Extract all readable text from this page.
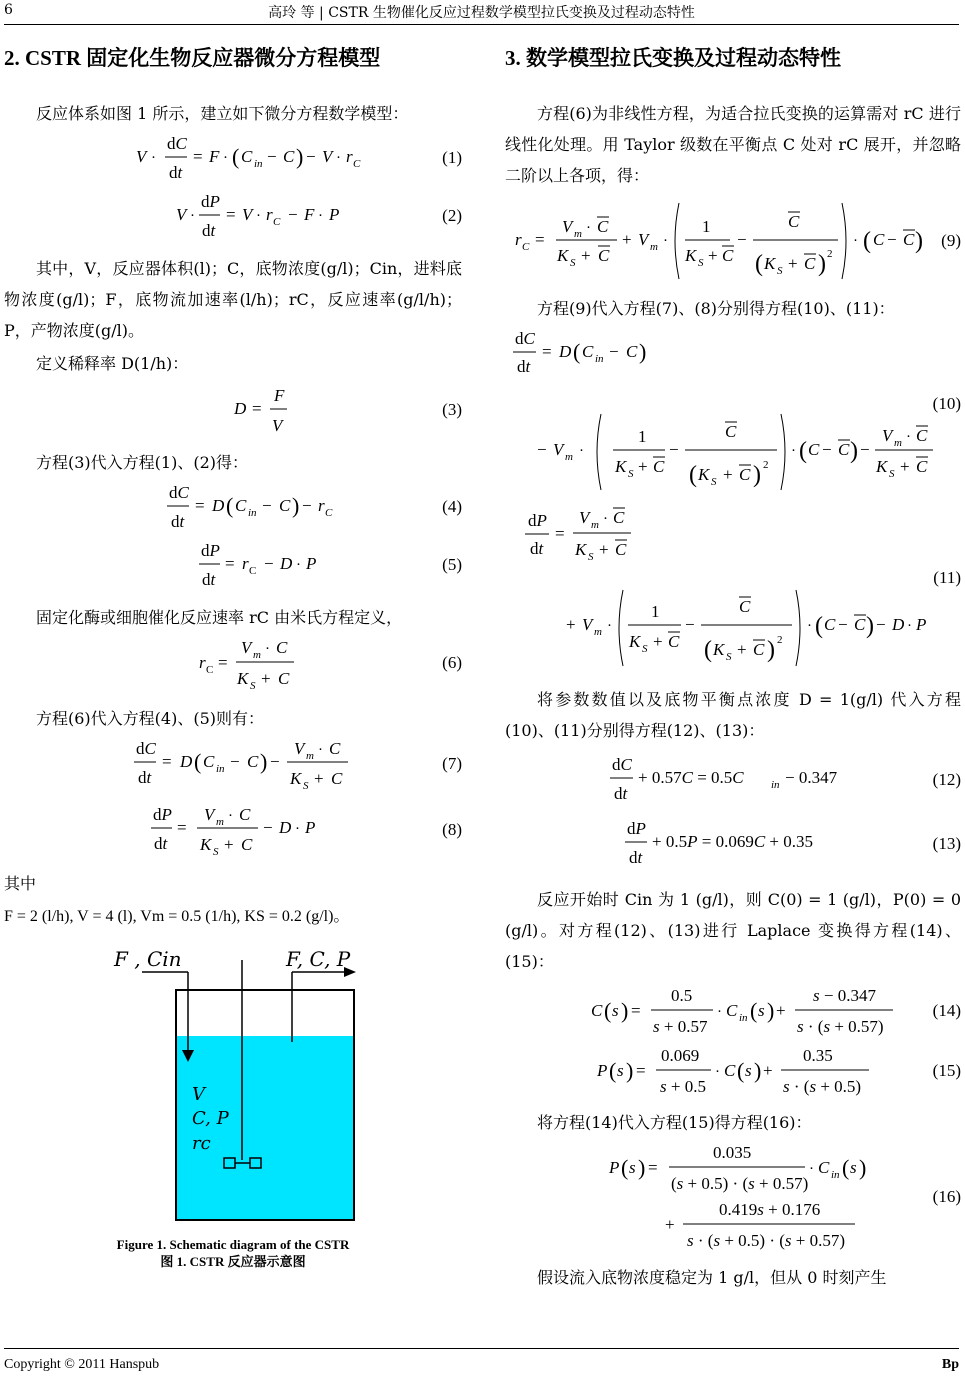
6	高玲 等 | CSTR 生物催化反应过程数学模型拉氏变换及过程动态特性
2. CSTR 固定化生物反应器微分方程模型

反应体系如图 1 所示，建立如下微分方程数学模型：

V ·
dC
dt
= F · ( C in − C ) − V · r C	(1)
V ·
dP
dt
= V · r C − F · P	(2)

其中，V，反应器体积(l)；C，底物浓度(g/l)；Cin，进料底物浓度(g/l)；F，底物流加速率(l/h)；rC，反应速率(g/l/h)；P，产物浓度(g/l)。

定义稀释率 D(1/h)：

D =
F
V
(3)

方程(3)代入方程(1)、(2)得：

dC
dt
= D ( C in − C ) − r C	(4)
dP
dt
= r C − D · P	(5)

固定化酶或细胞催化反应速率 rC 由米氏方程定义，

r C =
V m · C
K S + C
(6)

方程(6)代入方程(4)、(5)则有：

dC
dt
= D ( C in − C ) −
V m · C
K S + C
(7)
dP
dt
=
V m · C
K S + C
− D · P	(8)

其中

F = 2 (l/h), V = 4 (l), Vm = 0.5 (1/h), KS = 0.2 (g/l)。

F , Cin	F, C, P
V
C, P
rc
Figure 1. Schematic diagram of the CSTR
图 1. CSTR 反应器示意图
3. 数学模型拉氏变换及过程动态特性

方程(6)为非线性方程，为适合拉氏变换的运算需对 rC 进行线性化处理。用 Taylor 级数在平衡点 C 处对 rC 展开，并忽略二阶以上各项，得：

r C =
V m · C
K S + C
+ V m ·
1
K S + C
−
C
( K S + C ) 2
· ( C − C ) (9)

方程(9)代入方程(7)、(8)分别得方程(10)、(11)：

dC
dt
= D ( C in − C )
− V m ·
1
K S + C
−
C
( K S + C ) 2
· ( C − C ) −
V m · C
K S + C
(10)
dP
dt
=
V m · C
K S + C
+ V m ·
1
K S + C
−
C
( K S + C ) 2
· ( C − C ) − D · P
(11)

将参数数值以及底物平衡点浓度 D = 1(g/l) 代入方程(10)、(11)分别得方程(12)、(13)：

dC
dt
+ 0.57C = 0.5C in − 0.347	(12)
dP
dt
+ 0.5P = 0.069C + 0.35	(13)

反应开始时 Cin 为 1 (g/l)，则 C(0) = 1 (g/l)，P(0) = 0 (g/l)。对方程(12)、(13)进行 Laplace 变换得方程(14)、(15)：

C ( s ) =
0.5
s + 0.57
· C in ( s ) +
s − 0.347
s · (s + 0.57)
(14)
P ( s ) =
0.069
s + 0.5
· C ( s ) +
0.35
s · (s + 0.5)
(15)

将方程(14)代入方程(15)得方程(16)：

P ( s ) =
0.035
(s + 0.5) · (s + 0.57)
· C in ( s )
+
0.419s + 0.176
s · (s + 0.5) · (s + 0.57)
(16)

假设流入底物浓度稳定为 1 g/l，但从 0 时刻产生

Copyright © 2011 Hanspub	Bp
